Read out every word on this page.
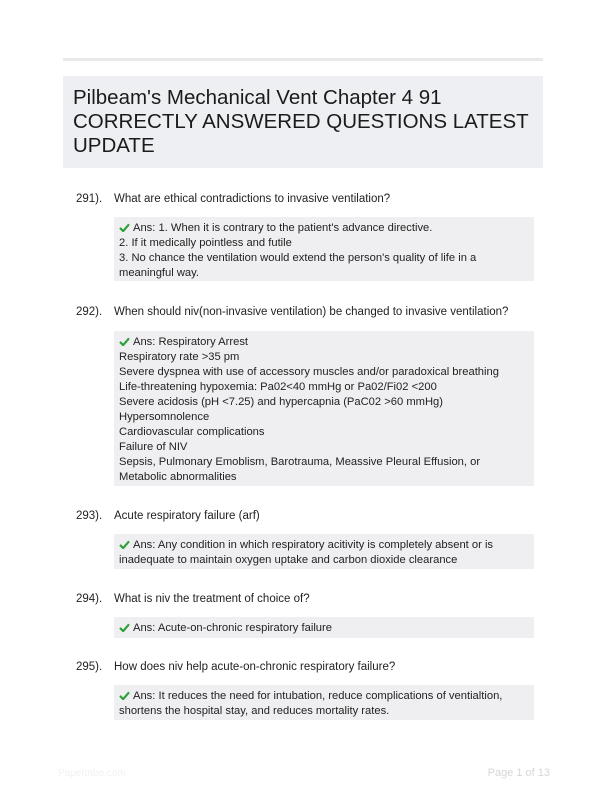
Pilbeam's Mechanical Vent Chapter 4 91
CORRECTLY ANSWERED QUESTIONS LATEST
UPDATE
291). What are ethical contradictions to invasive ventilation?
Ans: 1. When it is contrary to the patient's advance directive.
2. If it medically pointless and futile
3. No chance the ventilation would extend the person's quality of life in a meaningful way.
292). When should niv(non-invasive ventilation) be changed to invasive ventilation?
Ans: Respiratory Arrest
Respiratory rate >35 pm
Severe dyspnea with use of accessory muscles and/or paradoxical breathing
Life-threatening hypoxemia: Pa02<40 mmHg or Pa02/Fi02 <200
Severe acidosis (pH <7.25) and hypercapnia (PaC02 >60 mmHg)
Hypersomnolence
Cardiovascular complications
Failure of NIV
Sepsis, Pulmonary Emoblism, Barotrauma, Meassive Pleural Effusion, or Metabolic abnormalities
293). Acute respiratory failure (arf)
Ans: Any condition in which respiratory acitivity is completely absent or is inadequate to maintain oxygen uptake and carbon dioxide clearance
294). What is niv the treatment of choice of?
Ans: Acute-on-chronic respiratory failure
295). How does niv help acute-on-chronic respiratory failure?
Ans: It reduces the need for intubation, reduce complications of ventialtion, shortens the hospital stay, and reduces mortality rates.
Papertribe.com	Page 1 of 13
